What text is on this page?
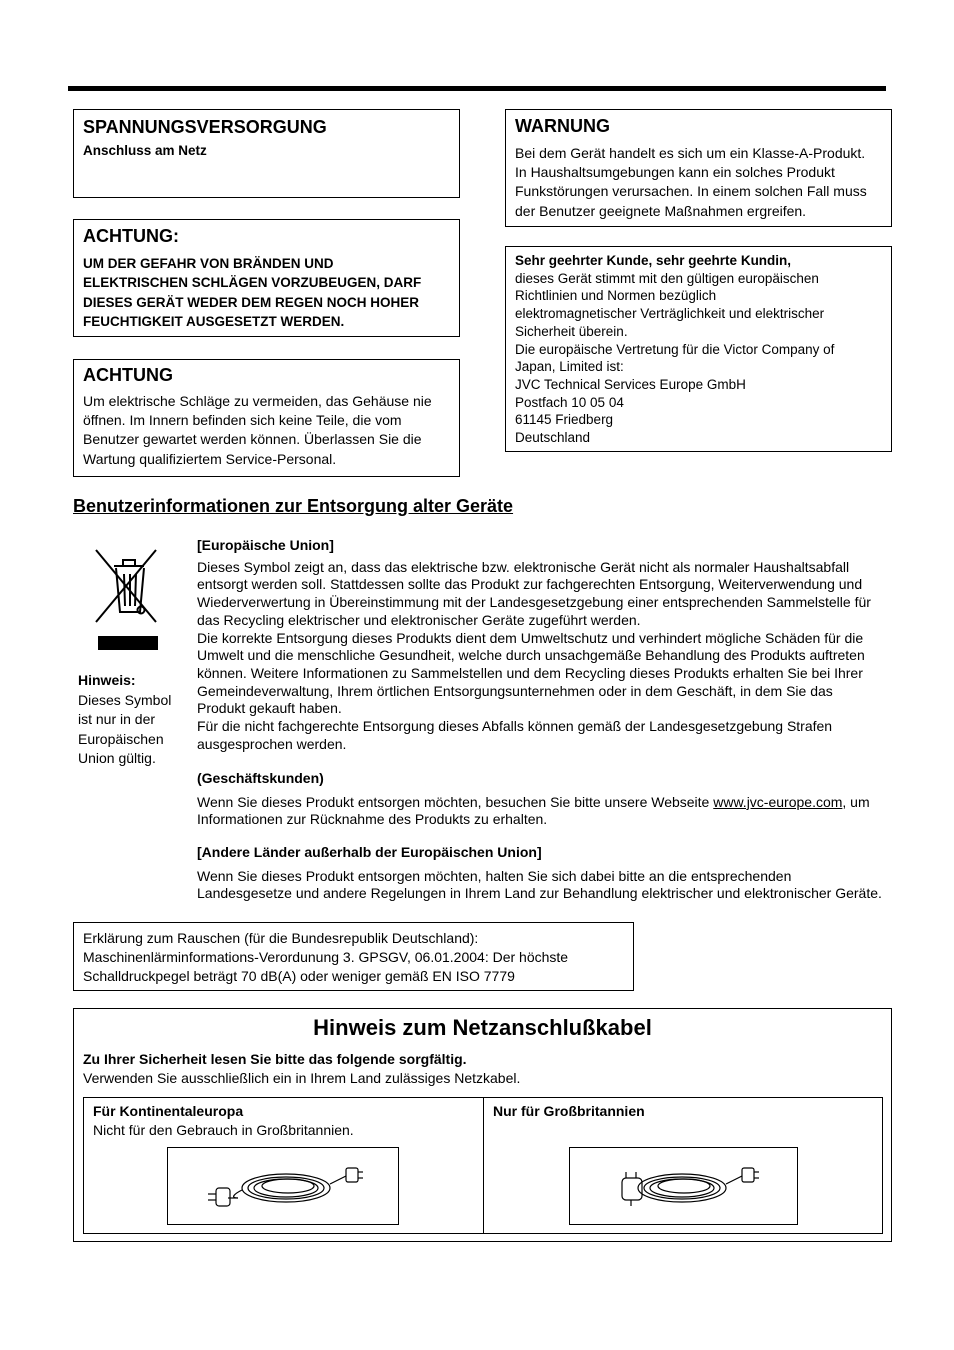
SPANNUNGSVERSORGUNG
Anschluss am Netz
ACHTUNG:
UM DER GEFAHR VON BRÄNDEN UND
ELEKTRISCHEN SCHLÄGEN VORZUBEUGEN, DARF
DIESES GERÄT WEDER DEM REGEN NOCH HOHER
FEUCHTIGKEIT AUSGESETZT WERDEN.
ACHTUNG
Um elektrische Schläge zu vermeiden, das Gehäuse nie
öffnen. Im Innern befinden sich keine Teile, die vom
Benutzer gewartet werden können. Überlassen Sie die
Wartung qualifiziertem Service-Personal.
WARNUNG
Bei dem Gerät handelt es sich um ein Klasse-A-Produkt.
In Haushaltsumgebungen kann ein solches Produkt
Funkstörungen verursachen. In einem solchen Fall muss
der Benutzer geeignete Maßnahmen ergreifen.
Sehr geehrter Kunde, sehr geehrte Kundin,
dieses Gerät stimmt mit den gültigen europäischen
Richtlinien und Normen bezüglich
elektromagnetischer Verträglichkeit und elektrischer
Sicherheit überein.
Die europäische Vertretung für die Victor Company of
Japan, Limited ist:
JVC Technical Services Europe GmbH
Postfach 10 05 04
61145 Friedberg
Deutschland
Benutzerinformationen zur Entsorgung alter Geräte
Hinweis:
Dieses Symbol
ist nur in der
Europäischen
Union gültig.
[Europäische Union]
Dieses Symbol zeigt an, dass das elektrische bzw. elektronische Gerät nicht als normaler Haushaltsabfall
entsorgt werden soll. Stattdessen sollte das Produkt zur fachgerechten Entsorgung, Weiterverwendung und
Wiederverwertung in Übereinstimmung mit der Landesgesetzgebung einer entsprechenden Sammelstelle für
das Recycling elektrischer und elektronischer Geräte zugeführt werden.
Die korrekte Entsorgung dieses Produkts dient dem Umweltschutz und verhindert mögliche Schäden für die
Umwelt und die menschliche Gesundheit, welche durch unsachgemäße Behandlung des Produkts auftreten
können. Weitere Informationen zu Sammelstellen und dem Recycling dieses Produkts erhalten Sie bei Ihrer
Gemeindeverwaltung, Ihrem örtlichen Entsorgungsunternehmen oder in dem Geschäft, in dem Sie das
Produkt gekauft haben.
Für die nicht fachgerechte Entsorgung dieses Abfalls können gemäß der Landesgesetzgebung Strafen
ausgesprochen werden.
(Geschäftskunden)
Wenn Sie dieses Produkt entsorgen möchten, besuchen Sie bitte unsere Webseite www.jvc-europe.com, um
Informationen zur Rücknahme des Produkts zu erhalten.
[Andere Länder außerhalb der Europäischen Union]
Wenn Sie dieses Produkt entsorgen möchten, halten Sie sich dabei bitte an die entsprechenden
Landesgesetze und andere Regelungen in Ihrem Land zur Behandlung elektrischer und elektronischer Geräte.
Erklärung zum Rauschen (für die Bundesrepublik Deutschland):
Maschinenlärminformations-Verordunung 3. GPSGV, 06.01.2004: Der höchste
Schalldruckpegel beträgt 70 dB(A) oder weniger gemäß EN ISO 7779
Hinweis zum Netzanschlußkabel
Zu Ihrer Sicherheit lesen Sie bitte das folgende sorgfältig.
Verwenden Sie ausschließlich ein in Ihrem Land zulässiges Netzkabel.
Für Kontinentaleuropa
Nicht für den Gebrauch in Großbritannien.
Nur für Großbritannien
